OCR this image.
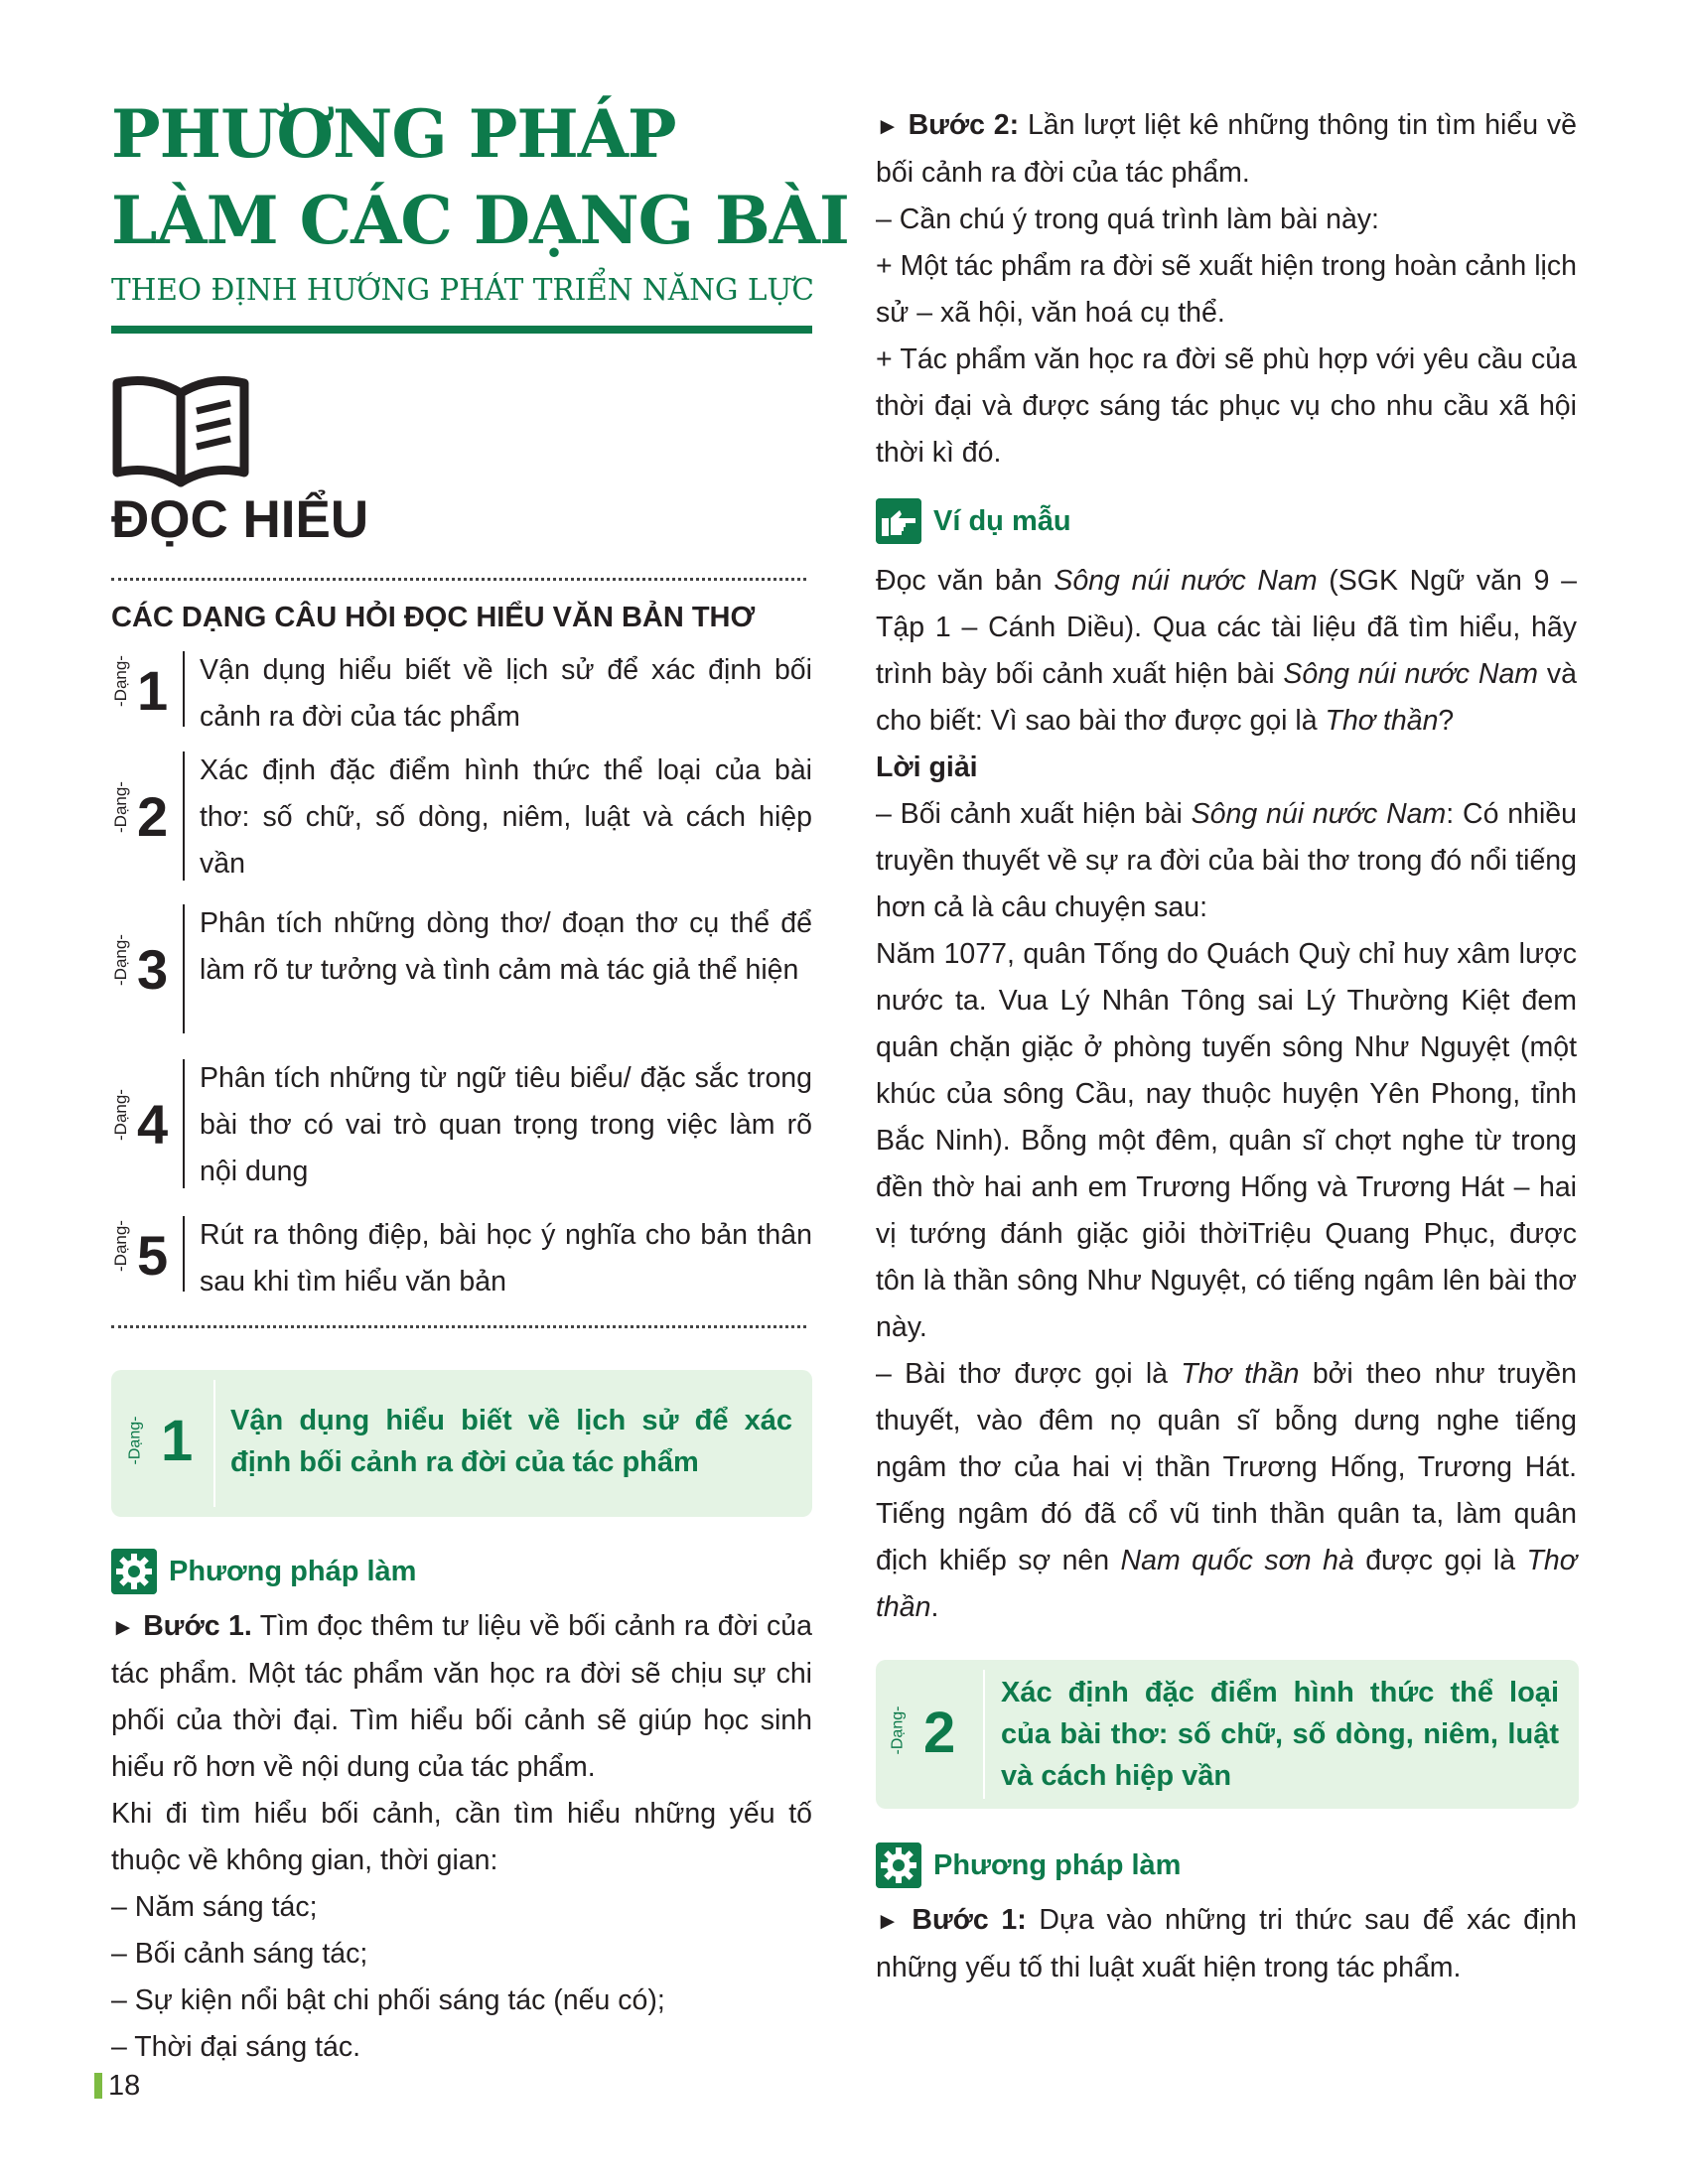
PHƯƠNG PHÁP
LÀM CÁC DẠNG BÀI
THEO ĐỊNH HƯỚNG PHÁT TRIỂN NĂNG LỰC
ĐỌC HIỂU
CÁC DẠNG CÂU HỎI ĐỌC HIỂU VĂN BẢN THƠ
-Dạng- 1 Vận dụng hiểu biết về lịch sử để xác định bối cảnh ra đời của tác phẩm
-Dạng- 2
Xác định đặc điểm hình thức thể loại của bài thơ: số chữ, số dòng, niêm, luật và cách hiệp vần
-Dạng- 3
Phân tích những dòng thơ/ đoạn thơ cụ thể để làm rõ tư tưởng và tình cảm mà tác giả thể hiện
-Dạng- 4
Phân tích những từ ngữ tiêu biểu/ đặc sắc trong bài thơ có vai trò quan trọng trong việc làm rõ nội dung
-Dạng- 5 Rút ra thông điệp, bài học ý nghĩa cho bản thân sau khi tìm hiểu văn bản
-Dạng- 1 Vận dụng hiểu biết về lịch sử để xác định bối cảnh ra đời của tác phẩm
Phương pháp làm

► Bước 1. Tìm đọc thêm tư liệu về bối cảnh ra đời của tác phẩm. Một tác phẩm văn học ra đời sẽ chịu sự chi phối của thời đại. Tìm hiểu bối cảnh sẽ giúp học sinh hiểu rõ hơn về nội dung của tác phẩm.

Khi đi tìm hiểu bối cảnh, cần tìm hiểu những yếu tố thuộc về không gian, thời gian:

– Năm sáng tác;

– Bối cảnh sáng tác;

– Sự kiện nổi bật chi phối sáng tác (nếu có);

– Thời đại sáng tác.

18

► Bước 2: Lần lượt liệt kê những thông tin tìm hiểu về bối cảnh ra đời của tác phẩm.

– Cần chú ý trong quá trình làm bài này:

+ Một tác phẩm ra đời sẽ xuất hiện trong hoàn cảnh lịch sử – xã hội, văn hoá cụ thể.

+ Tác phẩm văn học ra đời sẽ phù hợp với yêu cầu của thời đại và được sáng tác phục vụ cho nhu cầu xã hội thời kì đó.

Ví dụ mẫu

Đọc văn bản Sông núi nước Nam (SGK Ngữ văn 9 – Tập 1 – Cánh Diều). Qua các tài liệu đã tìm hiểu, hãy trình bày bối cảnh xuất hiện bài Sông núi nước Nam và cho biết: Vì sao bài thơ được gọi là Thơ thần?

Lời giải

– Bối cảnh xuất hiện bài Sông núi nước Nam: Có nhiều truyền thuyết về sự ra đời của bài thơ trong đó nổi tiếng hơn cả là câu chuyện sau:

Năm 1077, quân Tống do Quách Quỳ chỉ huy xâm lược nước ta. Vua Lý Nhân Tông sai Lý Thường Kiệt đem quân chặn giặc ở phòng tuyến sông Như Nguyệt (một khúc của sông Cầu, nay thuộc huyện Yên Phong, tỉnh Bắc Ninh). Bỗng một đêm, quân sĩ chợt nghe từ trong đền thờ hai anh em Trương Hống và Trương Hát – hai vị tướng đánh giặc giỏi thờiTriệu Quang Phục, được tôn là thần sông Như Nguyệt, có tiếng ngâm lên bài thơ này.

– Bài thơ được gọi là Thơ thần bởi theo như truyền thuyết, vào đêm nọ quân sĩ bỗng dưng nghe tiếng ngâm thơ của hai vị thần Trương Hống, Trương Hát. Tiếng ngâm đó đã cổ vũ tinh thần quân ta, làm quân địch khiếp sợ nên Nam quốc sơn hà được gọi là Thơ thần.

-Dạng- 2
Xác định đặc điểm hình thức thể loại của bài thơ: số chữ, số dòng, niêm, luật và cách hiệp vần
Phương pháp làm

► Bước 1: Dựa vào những tri thức sau để xác định những yếu tố thi luật xuất hiện trong tác phẩm.
